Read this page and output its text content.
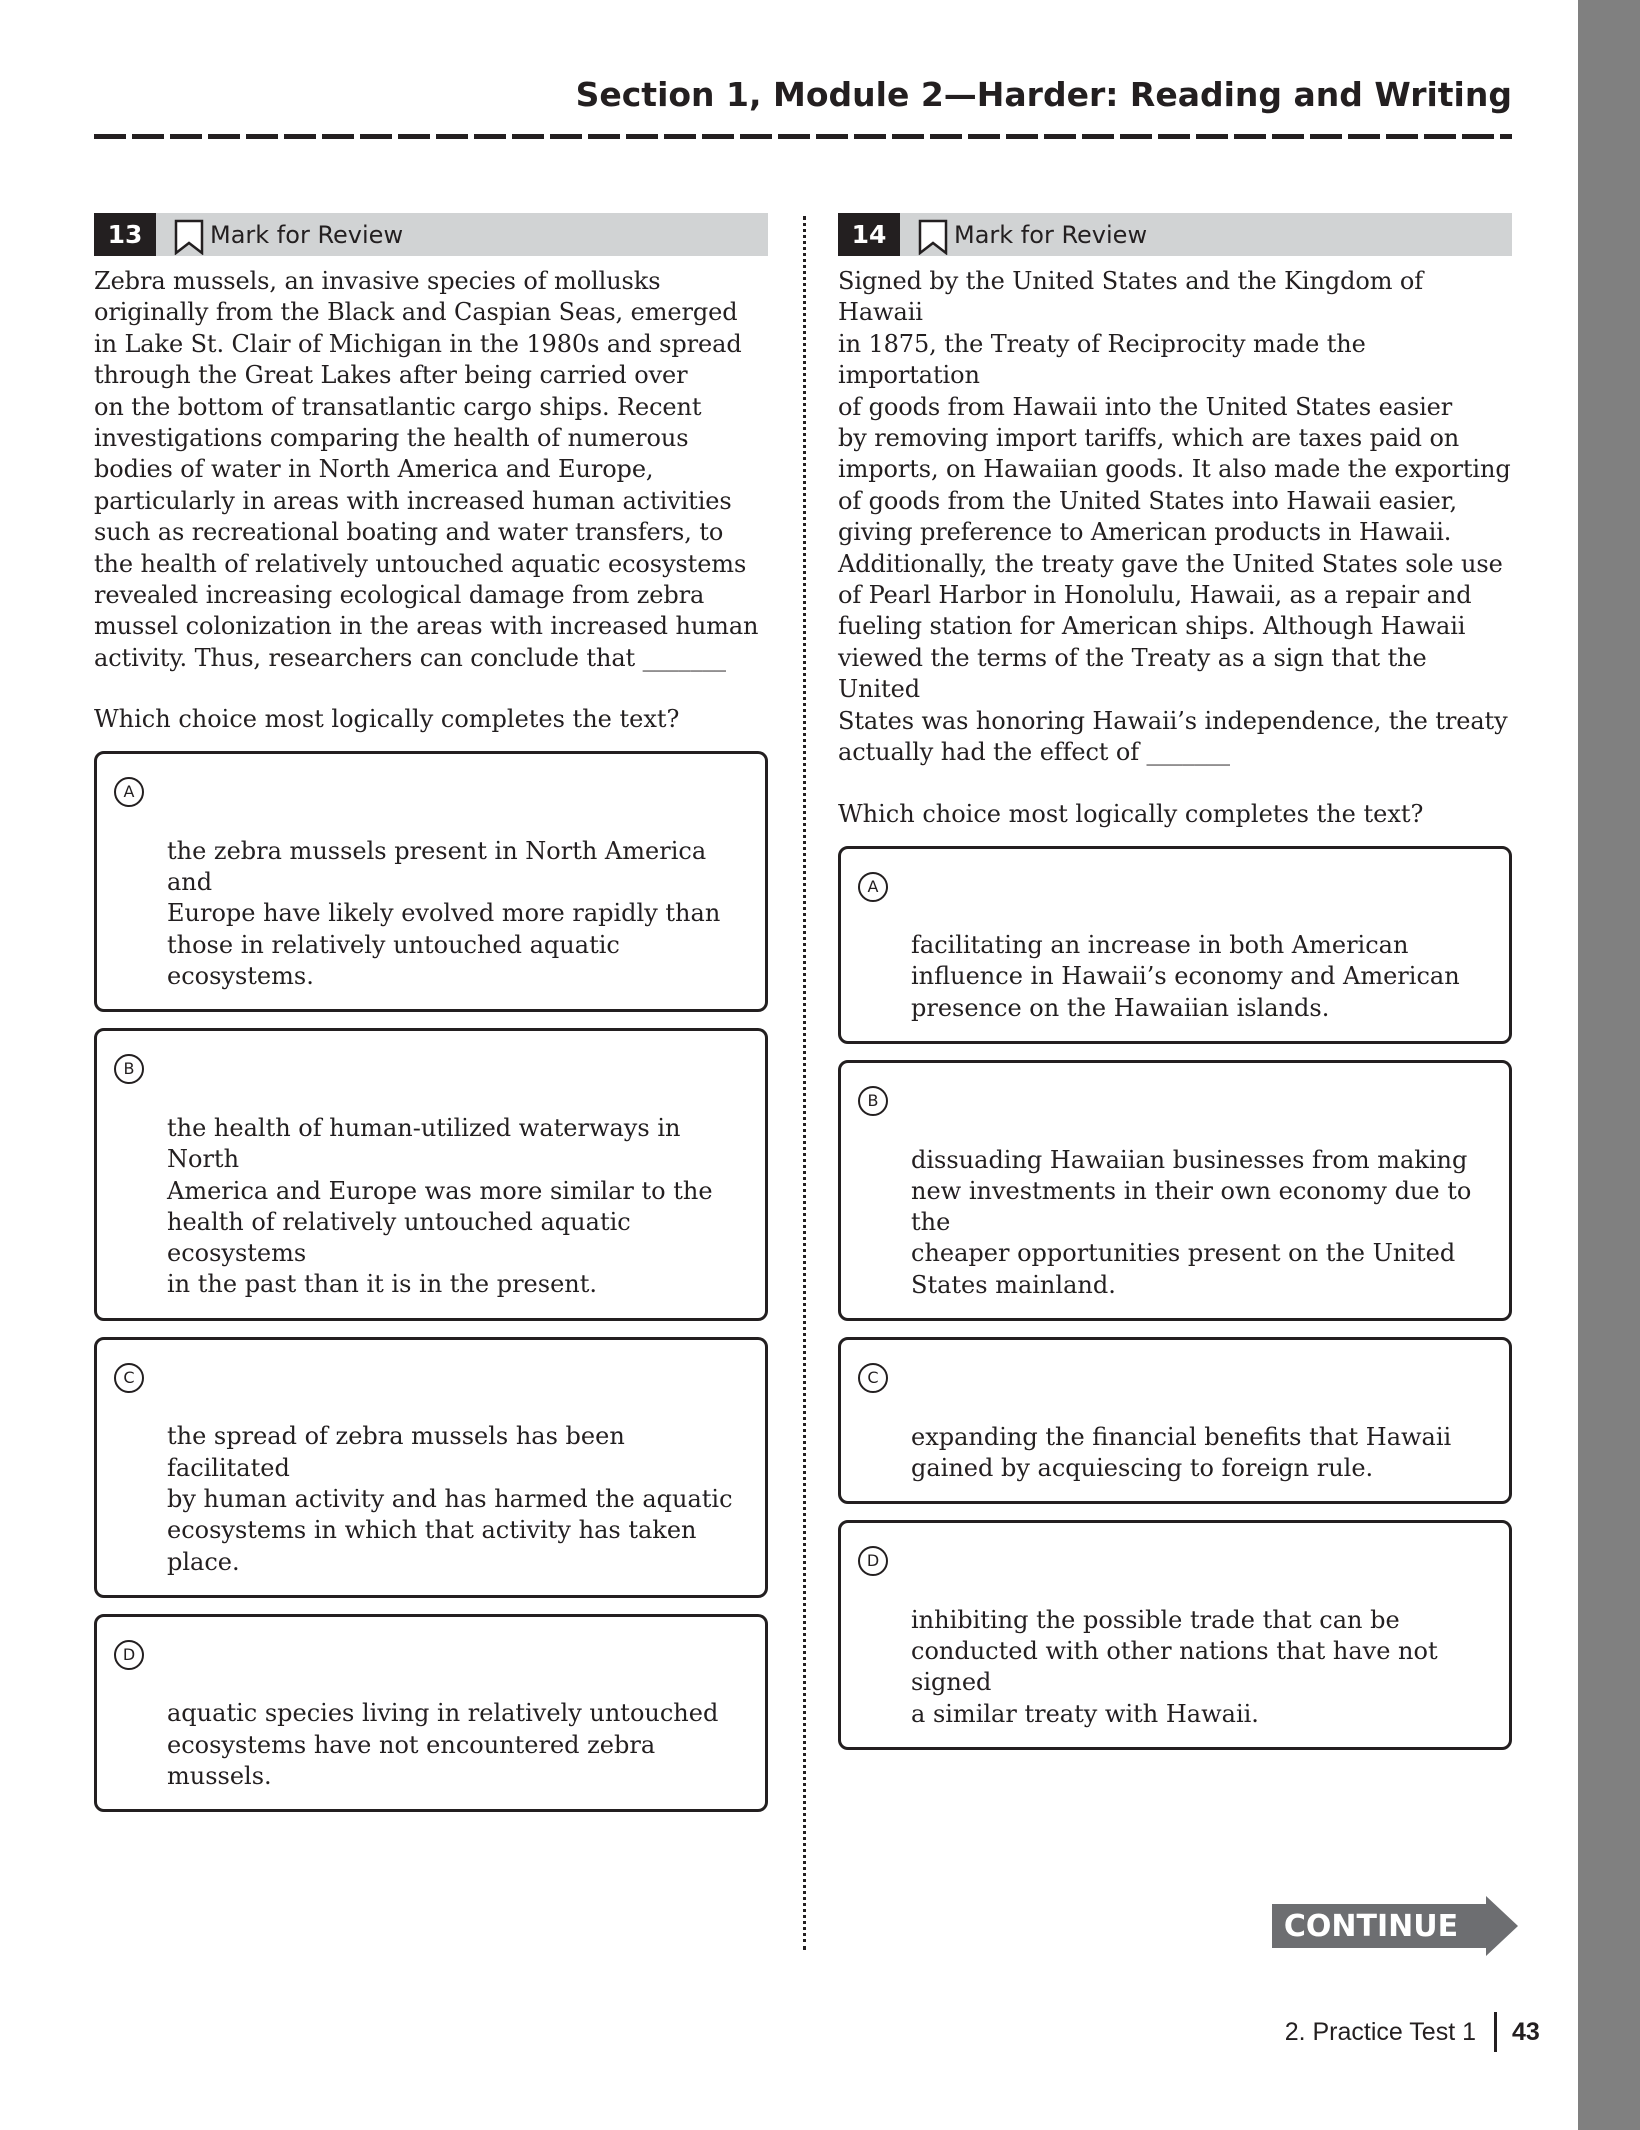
Section 1, Module 2—Harder: Reading and Writing
13	Mark for Review
Zebra mussels, an invasive species of mollusks
originally from the Black and Caspian Seas, emerged
in Lake St. Clair of Michigan in the 1980s and spread
through the Great Lakes after being carried over
on the bottom of transatlantic cargo ships. Recent
investigations comparing the health of numerous
bodies of water in North America and Europe,
particularly in areas with increased human activities
such as recreational boating and water transfers, to
the health of relatively untouched aquatic ecosystems
revealed increasing ecological damage from zebra
mussel colonization in the areas with increased human
activity. Thus, researchers can conclude that _______
Which choice most logically completes the text?

A

the zebra mussels present in North America and
Europe have likely evolved more rapidly than
those in relatively untouched aquatic ecosystems.

B

the health of human-utilized waterways in North
America and Europe was more similar to the
health of relatively untouched aquatic ecosystems
in the past than it is in the present.

C

the spread of zebra mussels has been facilitated
by human activity and has harmed the aquatic
ecosystems in which that activity has taken place.

D

aquatic species living in relatively untouched
ecosystems have not encountered zebra mussels.

14	Mark for Review
Signed by the United States and the Kingdom of Hawaii
in 1875, the Treaty of Reciprocity made the importation
of goods from Hawaii into the United States easier
by removing import tariffs, which are taxes paid on
imports, on Hawaiian goods. It also made the exporting
of goods from the United States into Hawaii easier,
giving preference to American products in Hawaii.
Additionally, the treaty gave the United States sole use
of Pearl Harbor in Honolulu, Hawaii, as a repair and
fueling station for American ships. Although Hawaii
viewed the terms of the Treaty as a sign that the United
States was honoring Hawaii’s independence, the treaty
actually had the effect of _______
Which choice most logically completes the text?

A

facilitating an increase in both American
influence in Hawaii’s economy and American
presence on the Hawaiian islands.

B

dissuading Hawaiian businesses from making
new investments in their own economy due to the
cheaper opportunities present on the United
States mainland.

C

expanding the financial benefits that Hawaii
gained by acquiescing to foreign rule.

D

inhibiting the possible trade that can be
conducted with other nations that have not signed
a similar treaty with Hawaii.

CONTINUE
2. Practice Test 1 43
